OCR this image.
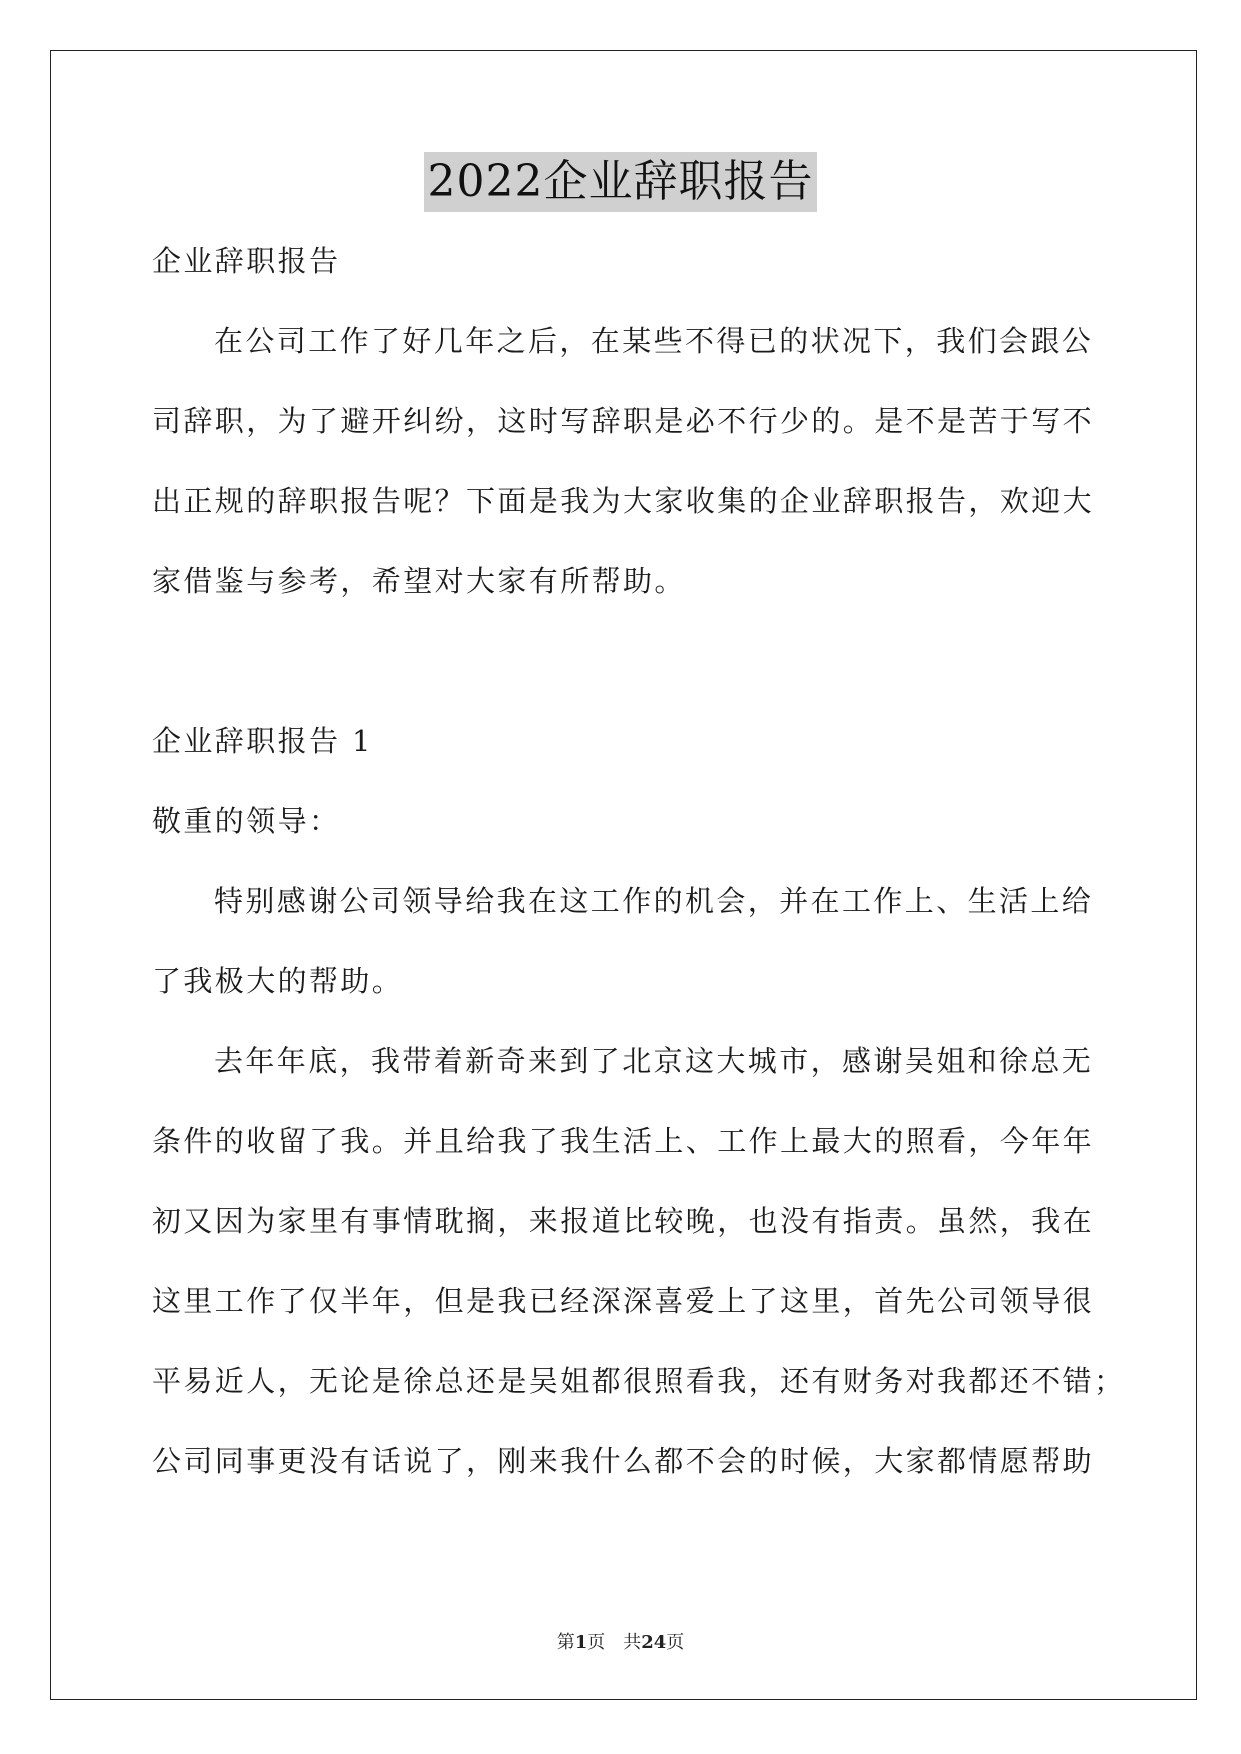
2022企业辞职报告
企业辞职报告
在公司工作了好几年之后，在某些不得已的状况下，我们会跟公
司辞职，为了避开纠纷，这时写辞职是必不行少的。是不是苦于写不
出正规的辞职报告呢？下面是我为大家收集的企业辞职报告，欢迎大
家借鉴与参考，希望对大家有所帮助。
企业辞职报告 1
敬重的领导：
特别感谢公司领导给我在这工作的机会，并在工作上、生活上给
了我极大的帮助。
去年年底，我带着新奇来到了北京这大城市，感谢吴姐和徐总无
条件的收留了我。并且给我了我生活上、工作上最大的照看，今年年
初又因为家里有事情耽搁，来报道比较晚，也没有指责。虽然，我在
这里工作了仅半年，但是我已经深深喜爱上了这里，首先公司领导很
平易近人，无论是徐总还是吴姐都很照看我，还有财务对我都还不错；
公司同事更没有话说了，刚来我什么都不会的时候，大家都情愿帮助
第1页 共24页
